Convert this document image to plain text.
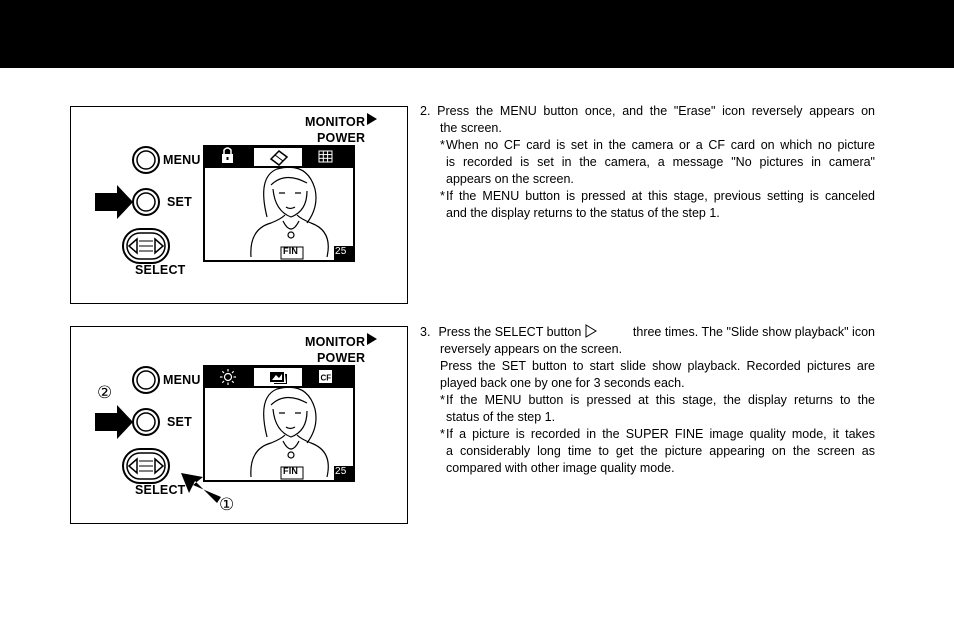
MONITOR
POWER
MENU
SET
SELECT
FIN	25
CF
MONITOR
POWER
MENU
SET
SELECT
FIN	25
②
①
2. Press the MENU button once, and the "Erase" icon reversely appears on
the screen.
* When no CF card is set in the camera or a CF card on which no picture
is recorded is set in the camera, a message "No pictures in camera"
appears on the screen.
* If the MENU button is pressed at this stage, previous setting is canceled
and the display returns to the status of the step 1.
3. Press the SELECT button	three times. The "Slide show playback" icon
reversely appears on the screen.
Press the SET button to start slide show playback. Recorded pictures are
played back one by one for 3 seconds each.
* If the MENU button is pressed at this stage, the display returns to the
status of the step 1.
* If a picture is recorded in the SUPER FINE image quality mode, it takes
a considerably long time to get the picture appearing on the screen as
compared with other image quality mode.
